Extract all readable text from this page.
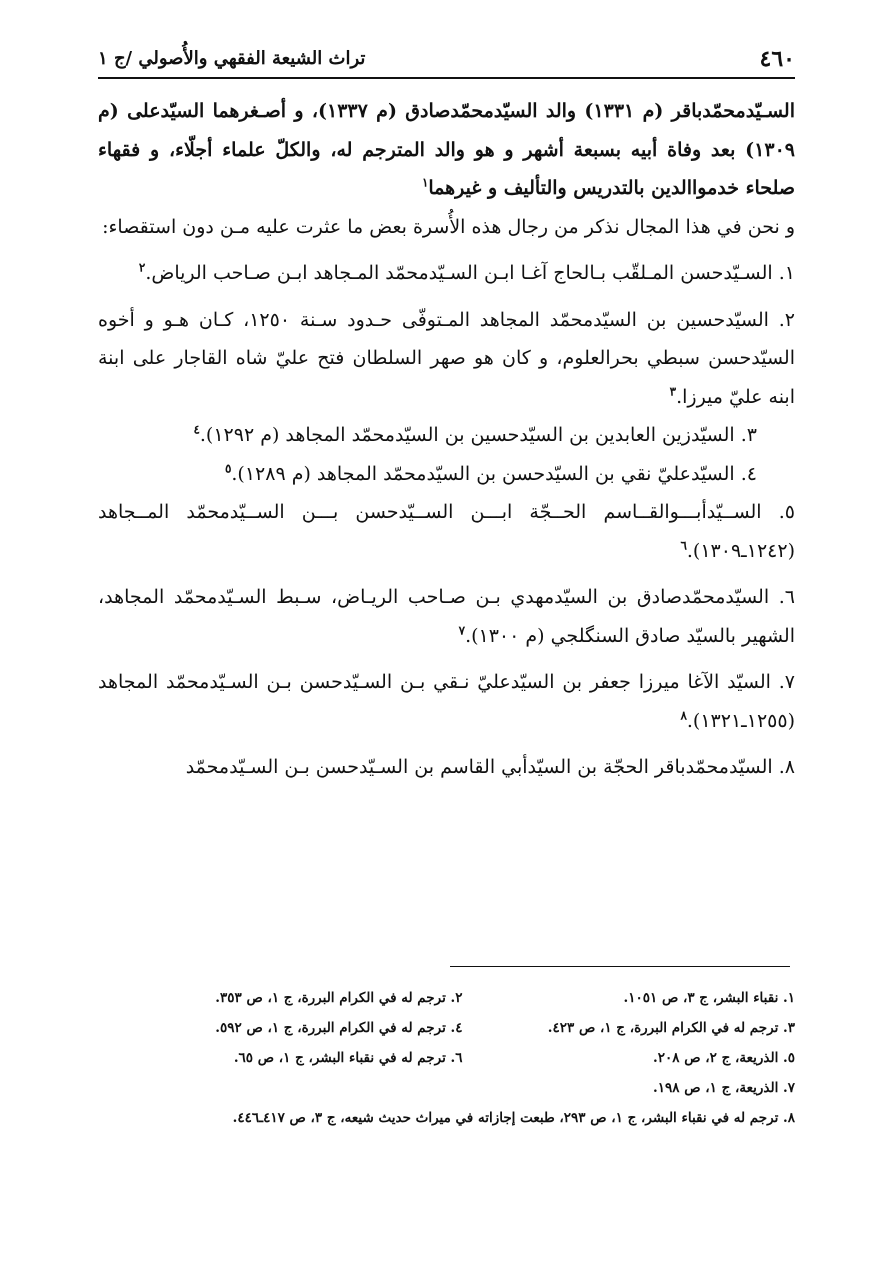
٤٦٠
تراث الشيعة الفقهي والأُصولي /ج ١

السـيّدمحمّدباقر (م ١٣٣١) والد السيّدمحمّدصادق (م ١٣٣٧)، و أصـغرهما السيّدعلى (م ١٣٠٩) بعد وفاة أبيه بسبعة أشهر و هو والد المترجم له، والكلّ علماء أجلّاء، و فقهاء صلحاء خدمواالدين بالتدريس والتأليف و غيرهما$^١$

و نحن في هذا المجال نذكر من رجال هذه الأُسرة بعض ما عثرت عليه مـن دون استقصاء:

١. السـيّدحسن المـلقّب بـالحاج آغـا ابـن السـيّدمحمّد المـجاهد ابـن صـاحب الرياض.$^٢$

٢. السيّدحسين بن السيّدمحمّد المجاهد المـتوفّى حـدود سـنة ١٢٥٠، كـان هـو و أخوه السيّدحسن سبطي بحرالعلوم، و كان هو صهر السلطان فتح عليّ شاه القاجار على ابنة ابنه عليّ ميرزا.$^٣$

٣. السيّدزين العابدين بن السيّدحسين بن السيّدمحمّد المجاهد (م ١٢٩٢).$^٤$

٤. السيّدعليّ نقي بن السيّدحسن بن السيّدمحمّد المجاهد (م ١٢٨٩).$^٥$

٥. الســيّدأبـــوالقــاسم الحــجّة ابـــن الســيّدحسن بـــن الســيّدمحمّد المــجاهد (١٢٤٢ـ١٣٠٩).$^٦$

٦. السيّدمحمّدصادق بن السيّدمهدي بـن صـاحب الريـاض، سـبط السـيّدمحمّد المجاهد، الشهير بالسيّد صادق السنگلجي (م ١٣٠٠).$^٧$

٧. السيّد الآغا ميرزا جعفر بن السيّدعليّ نـقي بـن السـيّدحسن بـن السـيّدمحمّد المجاهد (١٢٥٥ـ١٣٢١).$^٨$

٨. السيّدمحمّدباقر الحجّة بن السيّدأبي القاسم بن السـيّدحسن بـن السـيّدمحمّد

١. نقباء البشر، ج ٣، ص ١٠٥١.
٢. ترجم له في الكرام البررة، ج ١، ص ٣٥٣.
٣. ترجم له في الكرام البررة، ج ١، ص ٤٢٣.
٤. ترجم له في الكرام البررة، ج ١، ص ٥٩٢.
٥. الذريعة، ج ٢، ص ٢٠٨.
٦. ترجم له في نقباء البشر، ج ١، ص ٦٥.
٧. الذريعة، ج ١، ص ١٩٨.
٨. ترجم له في نقباء البشر، ج ١، ص ٢٩٣، طبعت إجازاته في ميراث حديث شيعه، ج ٣، ص ٤١٧ـ٤٤٦.
